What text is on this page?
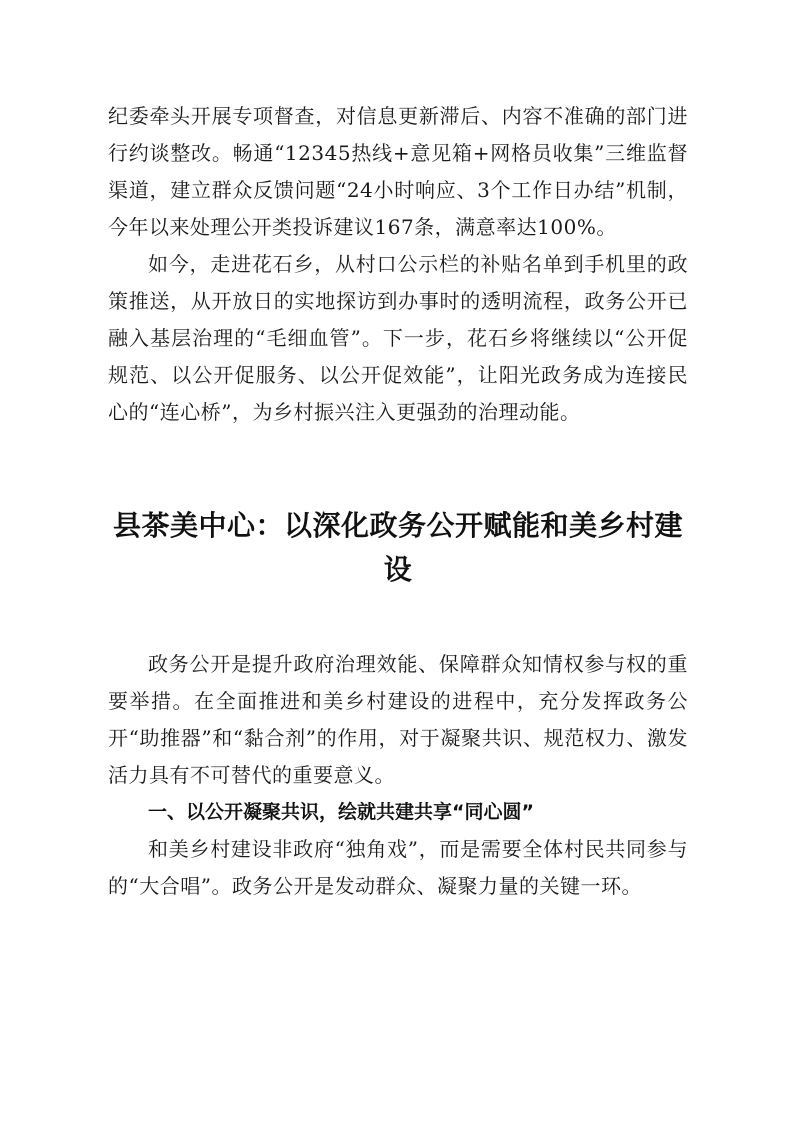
纪委牵头开展专项督查，对信息更新滞后、内容不准确的部门进行约谈整改。畅通“12345热线+意见箱+网格员收集”三维监督渠道，建立群众反馈问题“24小时响应、3个工作日办结”机制，今年以来处理公开类投诉建议167条，满意率达100%。

如今，走进花石乡，从村口公示栏的补贴名单到手机里的政策推送，从开放日的实地探访到办事时的透明流程，政务公开已融入基层治理的“毛细血管”。下一步，花石乡将继续以“公开促规范、以公开促服务、以公开促效能”，让阳光政务成为连接民心的“连心桥”，为乡村振兴注入更强劲的治理动能。

县茶美中心：以深化政务公开赋能和美乡村建设

政务公开是提升政府治理效能、保障群众知情权参与权的重要举措。在全面推进和美乡村建设的进程中，充分发挥政务公开“助推器”和“黏合剂”的作用，对于凝聚共识、规范权力、激发活力具有不可替代的重要意义。

一、以公开凝聚共识，绘就共建共享“同心圆”

和美乡村建设非政府“独角戏”，而是需要全体村民共同参与的“大合唱”。政务公开是发动群众、凝聚力量的关键一环。
